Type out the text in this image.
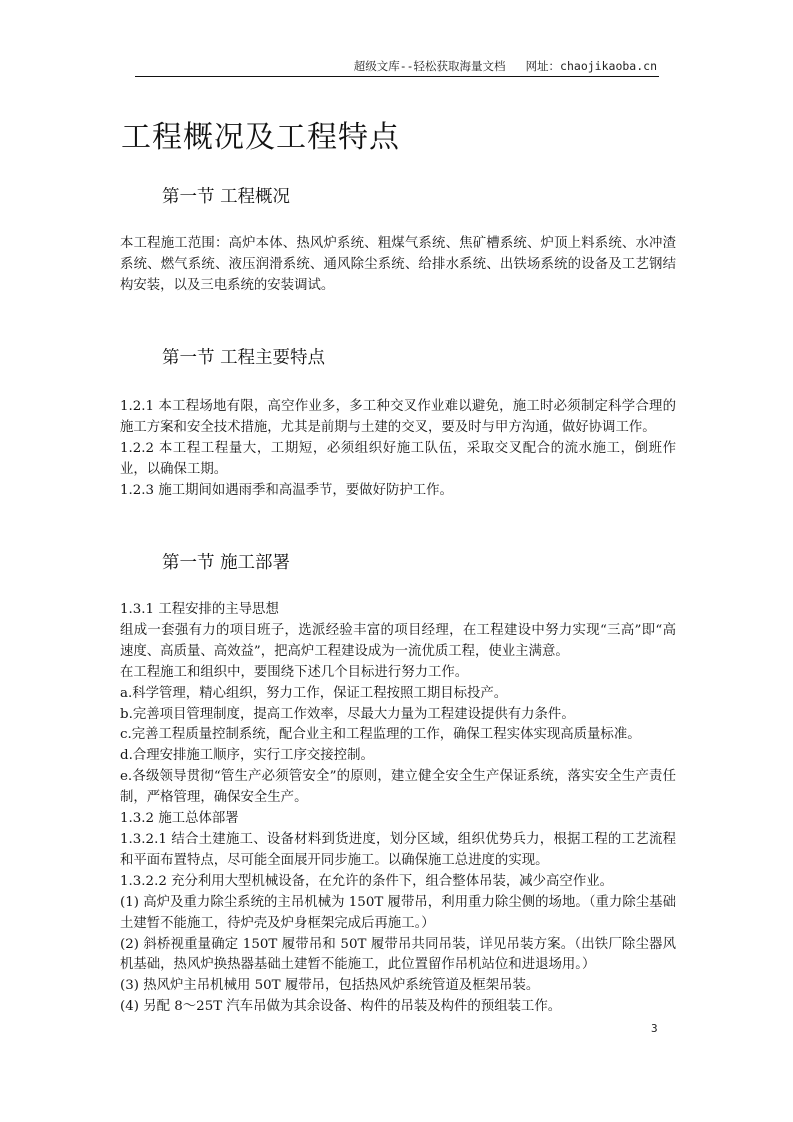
超级文库--轻松获取海量文档 网址：chaojikaoba.cn
工程概况及工程特点
第一节 工程概况

本工程施工范围：高炉本体、热风炉系统、粗煤气系统、焦矿槽系统、炉顶上料系统、水冲渣系统、燃气系统、液压润滑系统、通风除尘系统、给排水系统、出铁场系统的设备及工艺钢结构安装，以及三电系统的安装调试。

第一节 工程主要特点

1.2.1 本工程场地有限，高空作业多，多工种交叉作业难以避免，施工时必须制定科学合理的施工方案和安全技术措施，尤其是前期与土建的交叉，要及时与甲方沟通，做好协调工作。

1.2.2 本工程工程量大，工期短，必须组织好施工队伍，采取交叉配合的流水施工，倒班作业，以确保工期。

1.2.3 施工期间如遇雨季和高温季节，要做好防护工作。

第一节 施工部署

1.3.1 工程安排的主导思想

组成一套强有力的项目班子，选派经验丰富的项目经理，在工程建设中努力实现“三高”即“高速度、高质量、高效益”，把高炉工程建设成为一流优质工程，使业主满意。

在工程施工和组织中，要围绕下述几个目标进行努力工作。

a.科学管理，精心组织，努力工作，保证工程按照工期目标投产。

b.完善项目管理制度，提高工作效率，尽最大力量为工程建设提供有力条件。

c.完善工程质量控制系统，配合业主和工程监理的工作，确保工程实体实现高质量标准。

d.合理安排施工顺序，实行工序交接控制。

e.各级领导贯彻“管生产必须管安全”的原则，建立健全安全生产保证系统，落实安全生产责任制，严格管理，确保安全生产。

1.3.2 施工总体部署

1.3.2.1 结合土建施工、设备材料到货进度，划分区域，组织优势兵力，根据工程的工艺流程和平面布置特点，尽可能全面展开同步施工。以确保施工总进度的实现。

1.3.2.2 充分利用大型机械设备，在允许的条件下，组合整体吊装，减少高空作业。

(1) 高炉及重力除尘系统的主吊机械为 150T 履带吊，利用重力除尘侧的场地。（重力除尘基础土建暂不能施工，待炉壳及炉身框架完成后再施工。）

(2) 斜桥视重量确定 150T 履带吊和 50T 履带吊共同吊装，详见吊装方案。（出铁厂除尘器风机基础，热风炉换热器基础土建暂不能施工，此位置留作吊机站位和进退场用。）

(3) 热风炉主吊机械用 50T 履带吊，包括热风炉系统管道及框架吊装。

(4) 另配 8～25T 汽车吊做为其余设备、构件的吊装及构件的预组装工作。

3
